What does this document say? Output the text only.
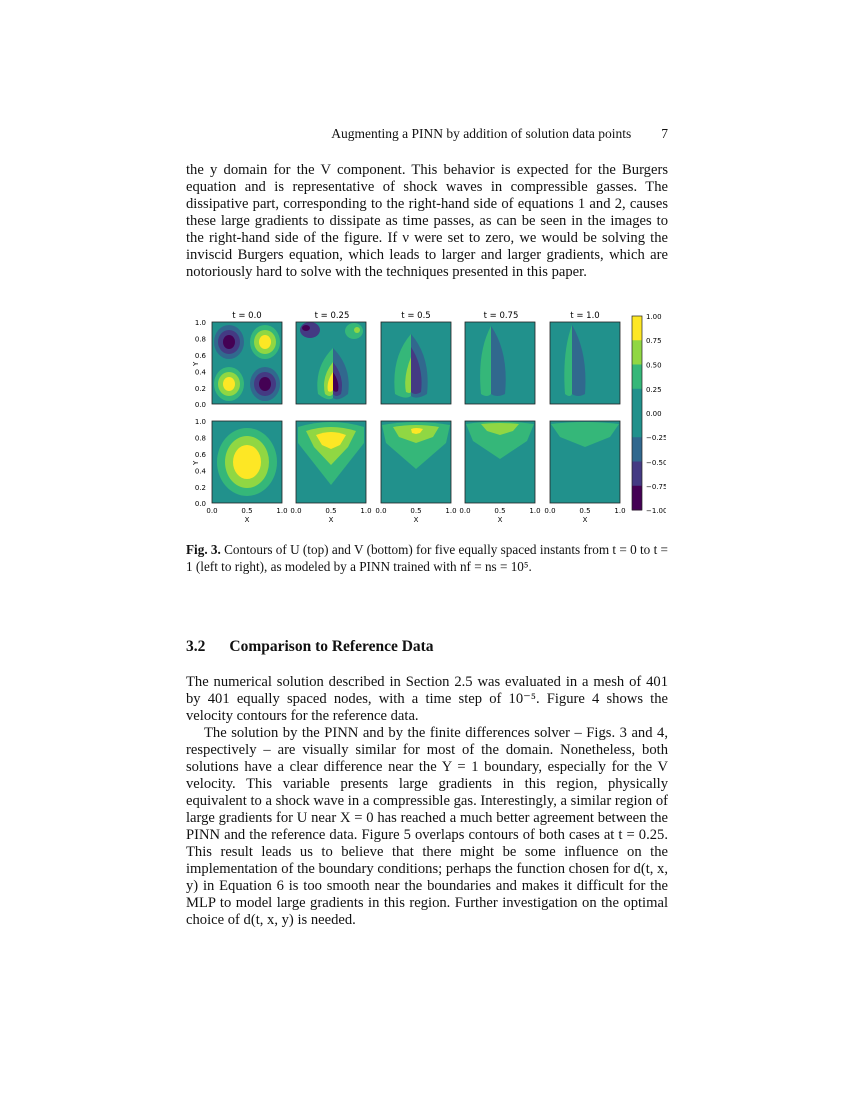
Augmenting a PINN by addition of solution data points 7

the y domain for the V component. This behavior is expected for the Burgers equation and is representative of shock waves in compressible gasses. The dissipative part, corresponding to the right-hand side of equations 1 and 2, causes these large gradients to dissipate as time passes, as can be seen in the images to the right-hand side of the figure. If ν were set to zero, we would be solving the inviscid Burgers equation, which leads to larger and larger gradients, which are notoriously hard to solve with the techniques presented in this paper.

t = 0.0	t = 0.25	t = 0.5	t = 0.75	t = 1.0
1.0
0.8
0.6
0.4
0.2
0.0
Y
1.0
0.8
0.6
0.4
0.2
0.0
Y
0.0	0.5	1.0 0.0	0.5	1.0 0.0	0.5	1.0 0.0	0.5	1.0 0.0	0.5	1.0
X	X	X	X	X
1.00
0.75
0.50
0.25
0.00
−0.25
−0.50
−0.75
−1.00

Fig. 3. Contours of U (top) and V (bottom) for five equally spaced instants from t = 0 to t = 1 (left to right), as modeled by a PINN trained with nf = ns = 10⁵.

3.2 Comparison to Reference Data

The numerical solution described in Section 2.5 was evaluated in a mesh of 401 by 401 equally spaced nodes, with a time step of 10⁻⁵. Figure 4 shows the velocity contours for the reference data.

The solution by the PINN and by the finite differences solver – Figs. 3 and 4, respectively – are visually similar for most of the domain. Nonetheless, both solutions have a clear difference near the Y = 1 boundary, especially for the V velocity. This variable presents large gradients in this region, physically equivalent to a shock wave in a compressible gas. Interestingly, a similar region of large gradients for U near X = 0 has reached a much better agreement between the PINN and the reference data. Figure 5 overlaps contours of both cases at t = 0.25. This result leads us to believe that there might be some influence on the implementation of the boundary conditions; perhaps the function chosen for d(t, x, y) in Equation 6 is too smooth near the boundaries and makes it difficult for the MLP to model large gradients in this region. Further investigation on the optimal choice of d(t, x, y) is needed.
